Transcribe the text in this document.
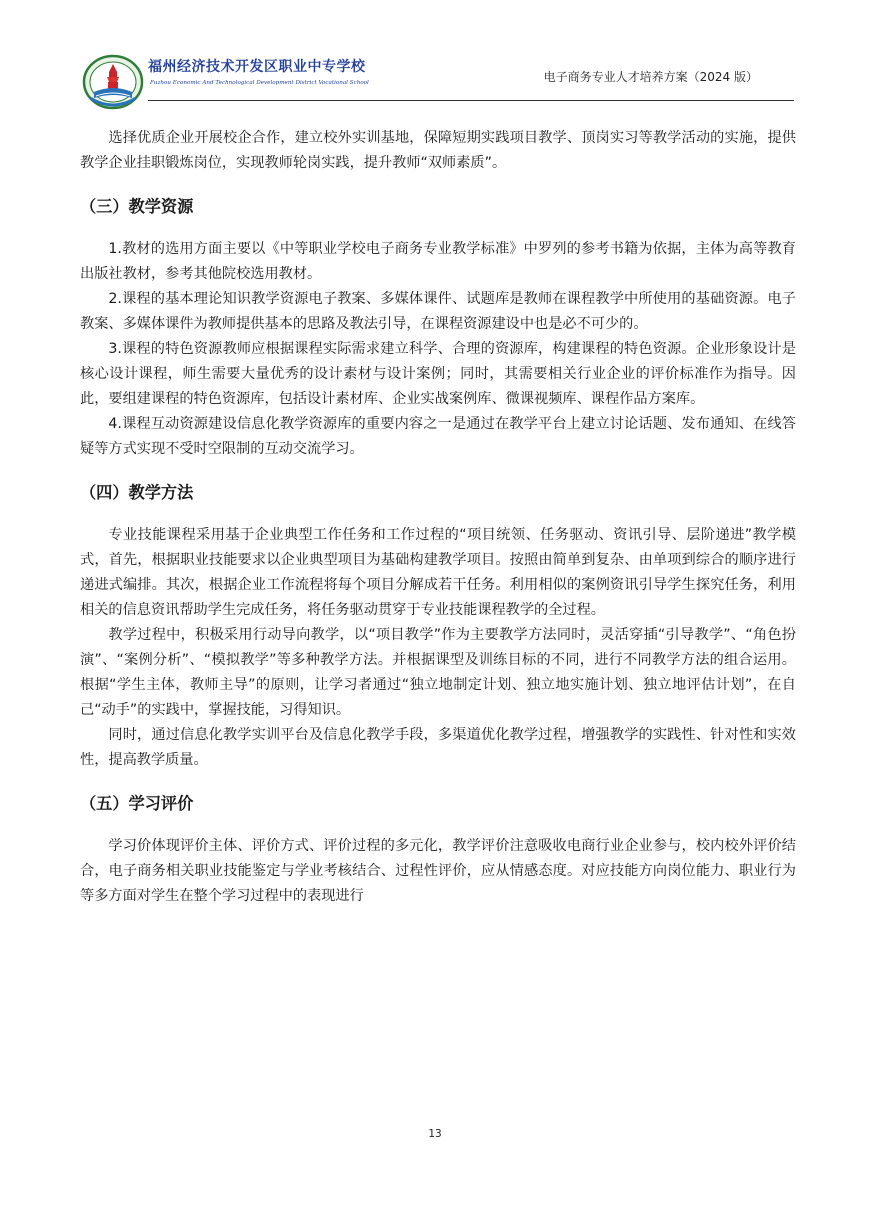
福州经济技术开发区职业中专学校
Fuzhou Economic And Technological Development District Vocational School	电子商务专业人才培养方案（2024 版）

选择优质企业开展校企合作，建立校外实训基地，保障短期实践项目教学、顶岗实习等教学活动的实施，提供教学企业挂职锻炼岗位，实现教师轮岗实践，提升教师“双师素质”。

（三）教学资源

1.教材的选用方面主要以《中等职业学校电子商务专业教学标准》中罗列的参考书籍为依据，主体为高等教育出版社教材，参考其他院校选用教材。

2.课程的基本理论知识教学资源电子教案、多媒体课件、试题库是教师在课程教学中所使用的基础资源。电子教案、多媒体课件为教师提供基本的思路及教法引导，在课程资源建设中也是必不可少的。

3.课程的特色资源教师应根据课程实际需求建立科学、合理的资源库，构建课程的特色资源。企业形象设计是核心设计课程，师生需要大量优秀的设计素材与设计案例；同时，其需要相关行业企业的评价标准作为指导。因此，要组建课程的特色资源库，包括设计素材库、企业实战案例库、微课视频库、课程作品方案库。

4.课程互动资源建设信息化教学资源库的重要内容之一是通过在教学平台上建立讨论话题、发布通知、在线答疑等方式实现不受时空限制的互动交流学习。

（四）教学方法

专业技能课程采用基于企业典型工作任务和工作过程的“项目统领、任务驱动、资讯引导、层阶递进”教学模式，首先，根据职业技能要求以企业典型项目为基础构建教学项目。按照由简单到复杂、由单项到综合的顺序进行递进式编排。其次，根据企业工作流程将每个项目分解成若干任务。利用相似的案例资讯引导学生探究任务，利用相关的信息资讯帮助学生完成任务，将任务驱动贯穿于专业技能课程教学的全过程。

教学过程中，积极采用行动导向教学，以“项目教学”作为主要教学方法同时，灵活穿插“引导教学”、“角色扮演”、“案例分析”、“模拟教学”等多种教学方法。并根据课型及训练目标的不同，进行不同教学方法的组合运用。根据“学生主体，教师主导”的原则，让学习者通过“独立地制定计划、独立地实施计划、独立地评估计划”，在自己“动手”的实践中，掌握技能，习得知识。

同时，通过信息化教学实训平台及信息化教学手段，多渠道优化教学过程，增强教学的实践性、针对性和实效性，提高教学质量。

（五）学习评价

学习价体现评价主体、评价方式、评价过程的多元化，教学评价注意吸收电商行业企业参与，校内校外评价结合，电子商务相关职业技能鉴定与学业考核结合、过程性评价，应从情感态度。对应技能方向岗位能力、职业行为等多方面对学生在整个学习过程中的表现进行

13
